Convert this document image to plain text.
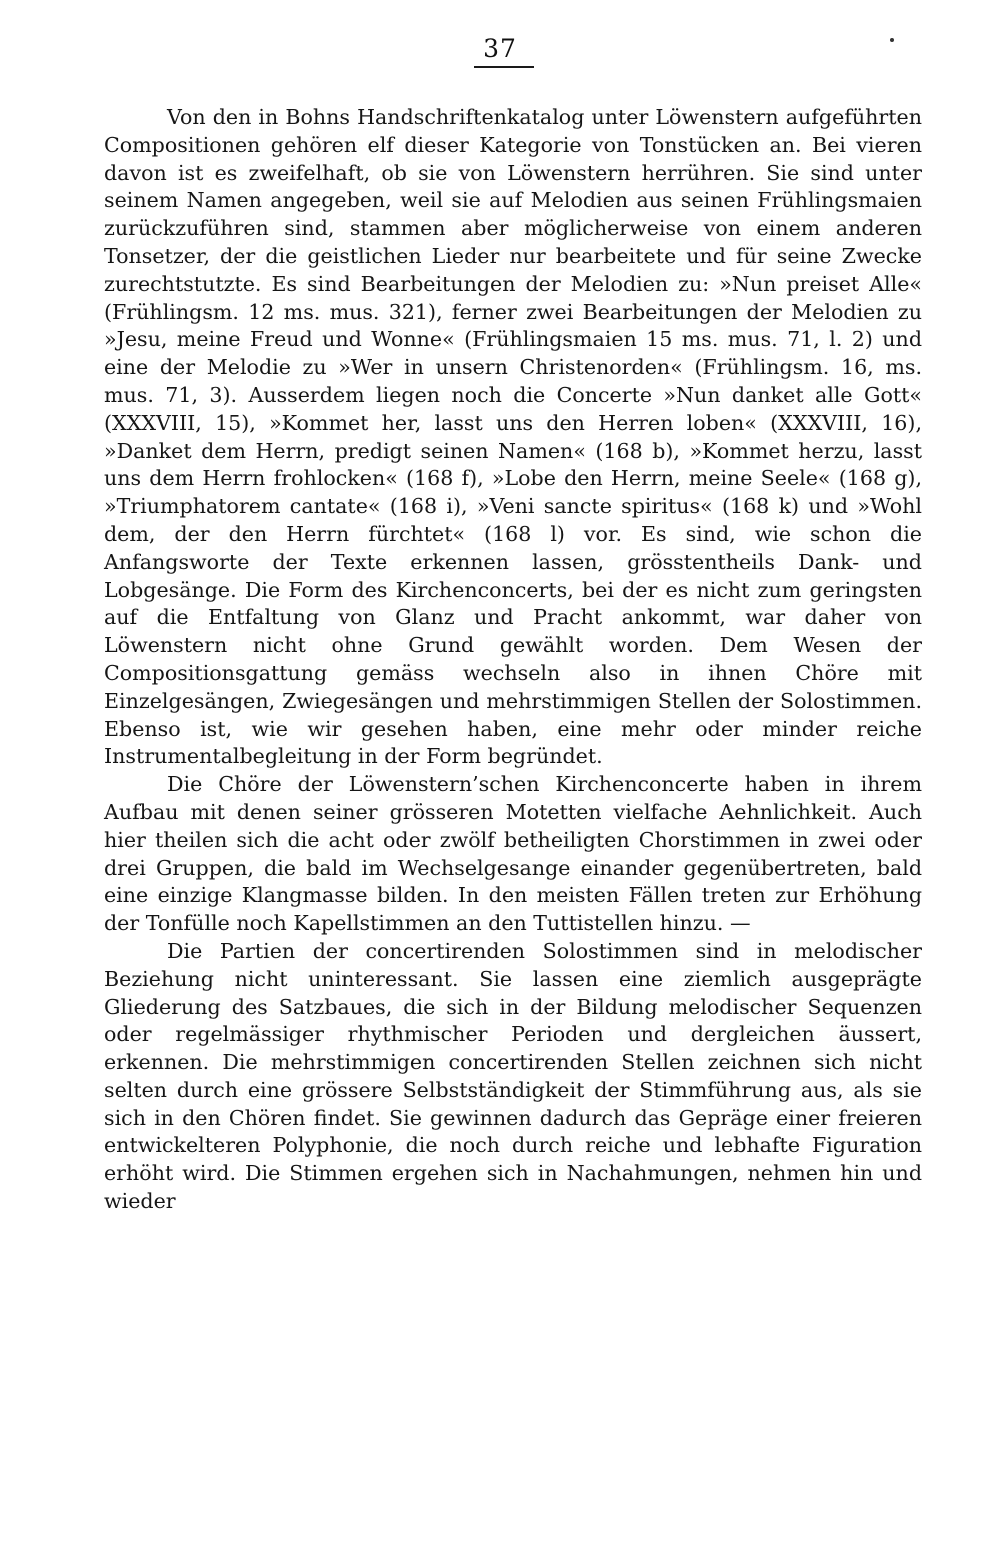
37

Von den in Bohns Handschriftenkatalog unter Löwenstern aufgeführten Compositionen gehören elf dieser Kategorie von Tonstücken an. Bei vieren davon ist es zweifelhaft, ob sie von Löwenstern herrühren. Sie sind unter seinem Namen angegeben, weil sie auf Melodien aus seinen Frühlingsmaien zurückzuführen sind, stammen aber möglicherweise von einem anderen Tonsetzer, der die geistlichen Lieder nur bearbeitete und für seine Zwecke zurechtstutzte. Es sind Bearbeitungen der Melodien zu: »Nun preiset Alle« (Frühlingsm. 12 ms. mus. 321), ferner zwei Bearbeitungen der Melodien zu »Jesu, meine Freud und Wonne« (Frühlingsmaien 15 ms. mus. 71, l. 2) und eine der Melodie zu »Wer in unsern Christenorden« (Frühlingsm. 16, ms. mus. 71, 3). Ausserdem liegen noch die Concerte »Nun danket alle Gott« (XXXVIII, 15), »Kommet her, lasst uns den Herren loben« (XXXVIII, 16), »Danket dem Herrn, predigt seinen Namen« (168 b), »Kommet herzu, lasst uns dem Herrn frohlocken« (168 f), »Lobe den Herrn, meine Seele« (168 g), »Triumphatorem cantate« (168 i), »Veni sancte spiritus« (168 k) und »Wohl dem, der den Herrn fürchtet« (168 l) vor. Es sind, wie schon die Anfangsworte der Texte erkennen lassen, grösstentheils Dank- und Lobgesänge. Die Form des Kirchenconcerts, bei der es nicht zum geringsten auf die Entfaltung von Glanz und Pracht ankommt, war daher von Löwenstern nicht ohne Grund gewählt worden. Dem Wesen der Compositionsgattung gemäss wechseln also in ihnen Chöre mit Einzelgesängen, Zwiegesängen und mehrstimmigen Stellen der Solostimmen. Ebenso ist, wie wir gesehen haben, eine mehr oder minder reiche Instrumentalbegleitung in der Form begründet.

Die Chöre der Löwenstern’schen Kirchenconcerte haben in ihrem Aufbau mit denen seiner grösseren Motetten vielfache Aehnlichkeit. Auch hier theilen sich die acht oder zwölf betheiligten Chorstimmen in zwei oder drei Gruppen, die bald im Wechselgesange einander gegenübertreten, bald eine einzige Klangmasse bilden. In den meisten Fällen treten zur Erhöhung der Tonfülle noch Kapellstimmen an den Tuttistellen hinzu. —

Die Partien der concertirenden Solostimmen sind in melodischer Beziehung nicht uninteressant. Sie lassen eine ziemlich ausgeprägte Gliederung des Satzbaues, die sich in der Bildung melodischer Sequenzen oder regelmässiger rhythmischer Perioden und dergleichen äussert, erkennen. Die mehrstimmigen concertirenden Stellen zeichnen sich nicht selten durch eine grössere Selbstständigkeit der Stimmführung aus, als sie sich in den Chören findet. Sie gewinnen dadurch das Gepräge einer freieren entwickelteren Polyphonie, die noch durch reiche und lebhafte Figuration erhöht wird. Die Stimmen ergehen sich in Nachahmungen, nehmen hin und wieder
